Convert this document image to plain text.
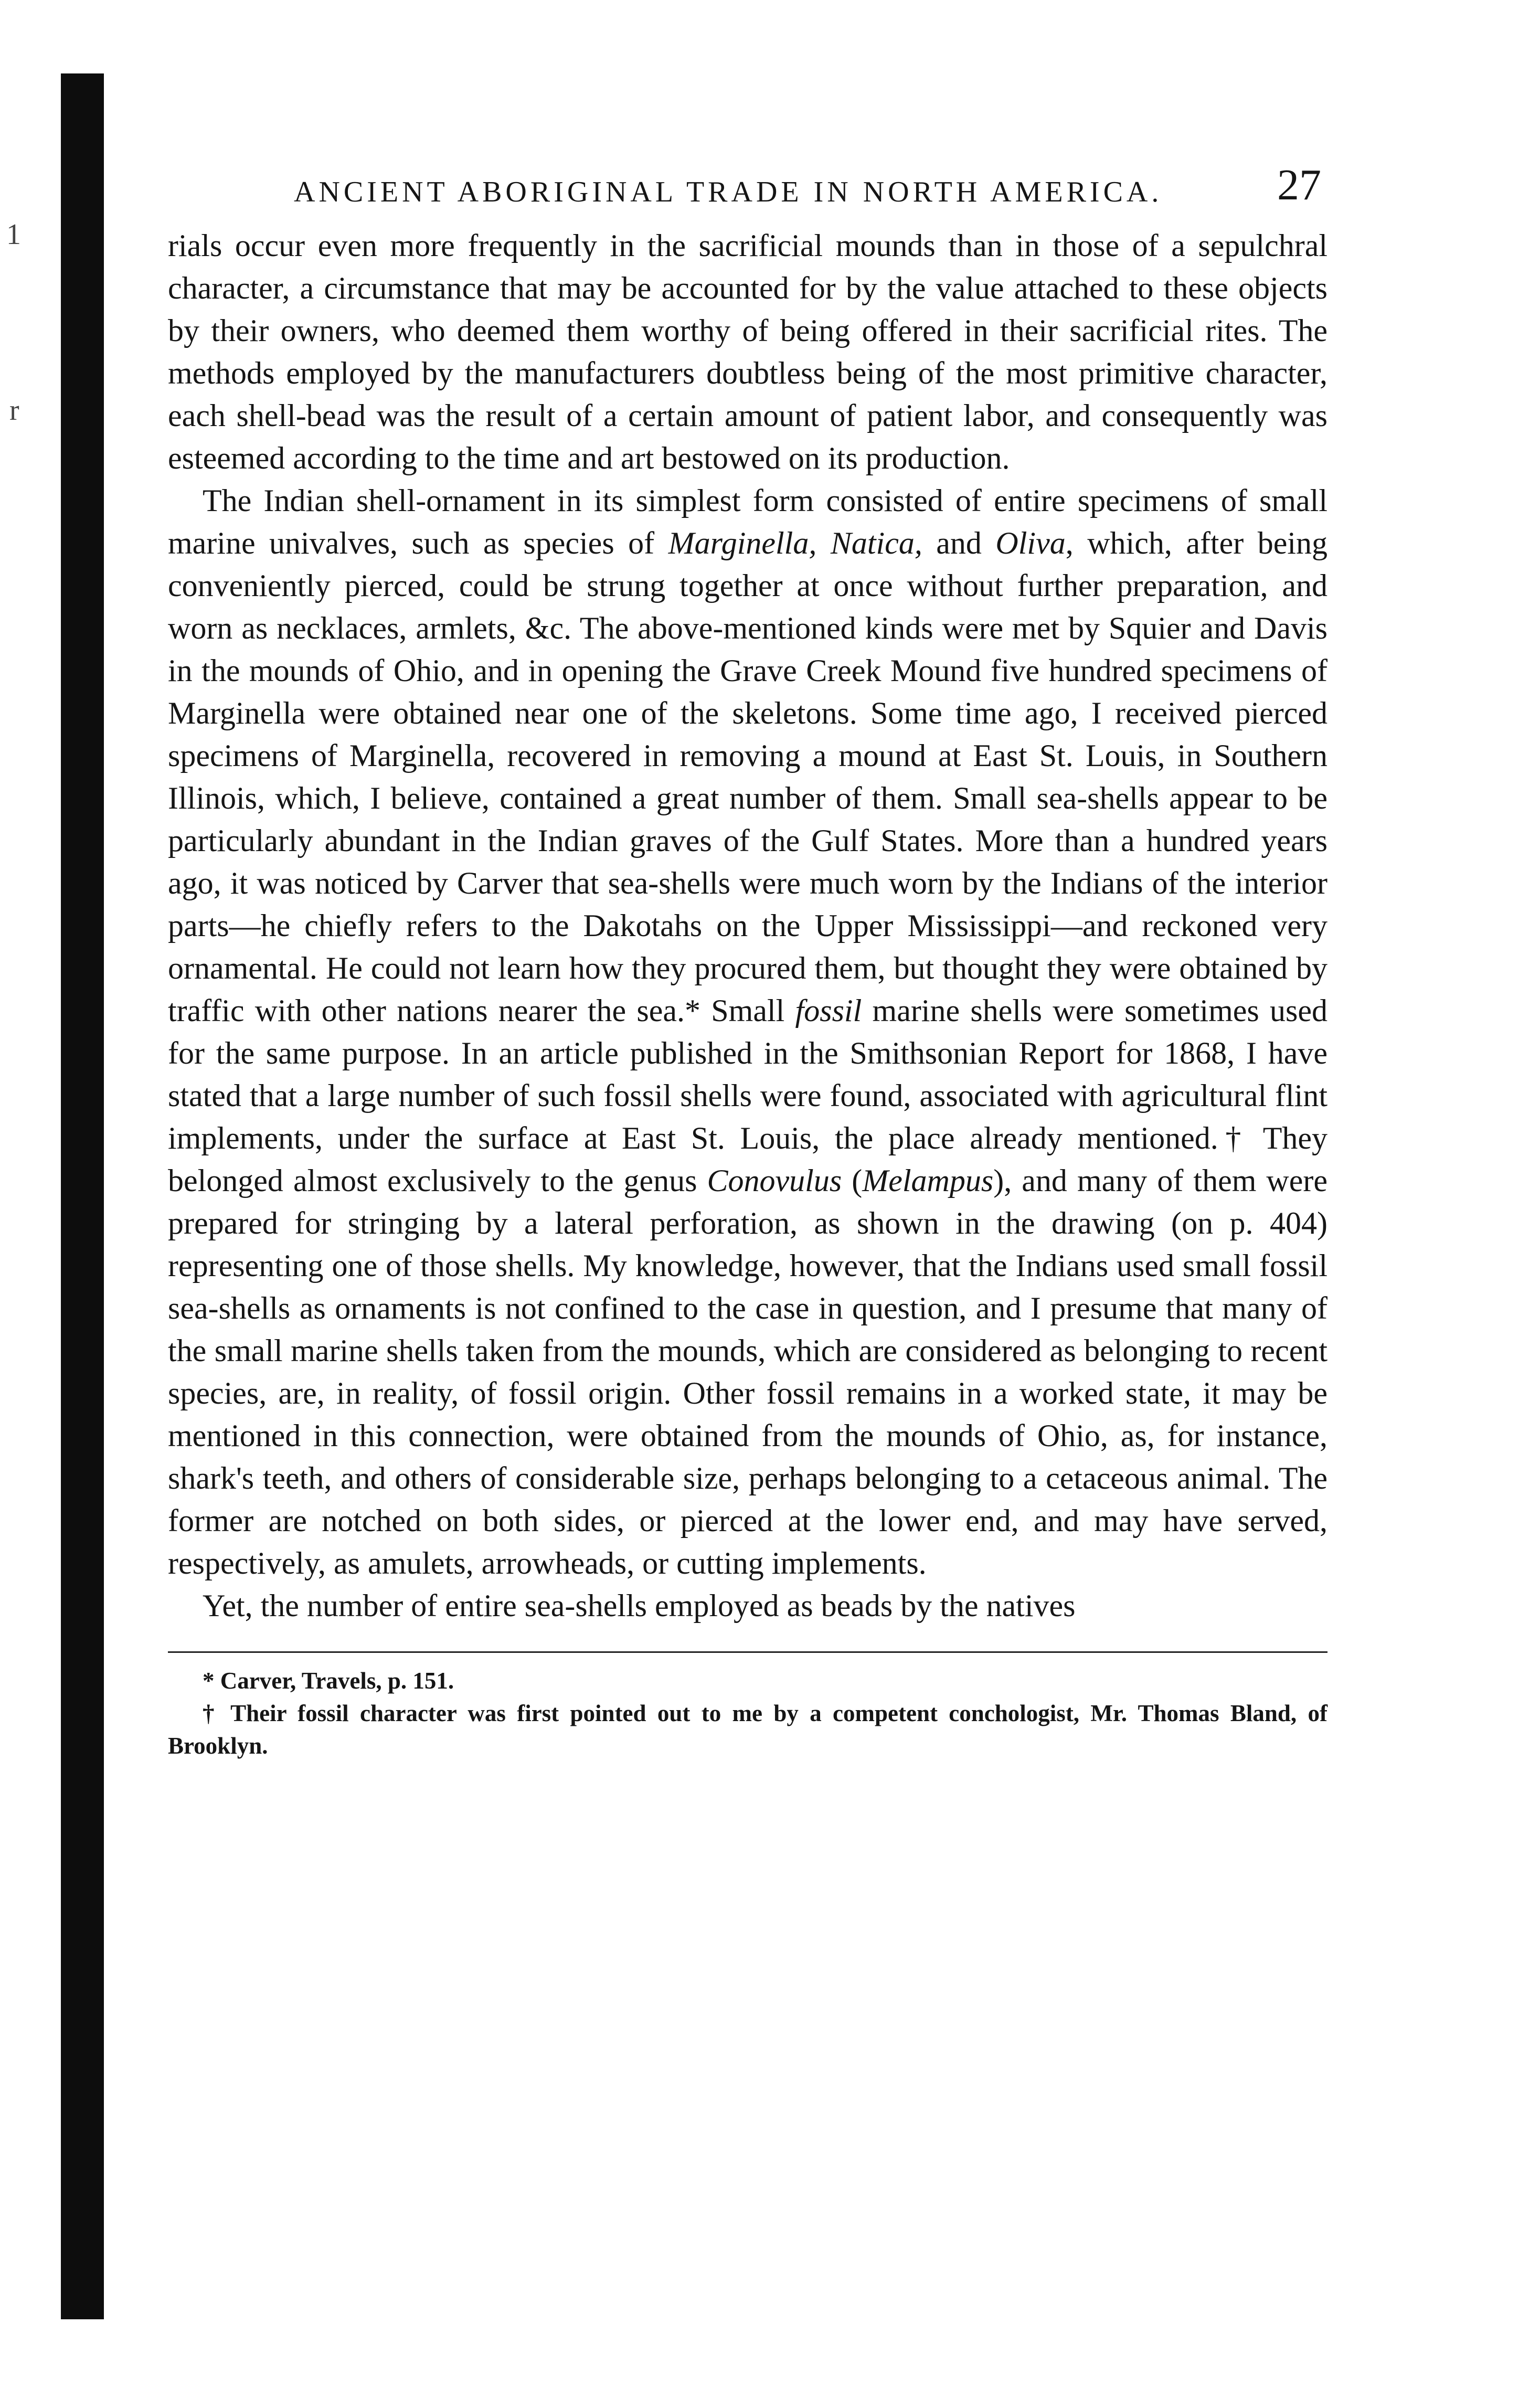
1
r
ANCIENT ABORIGINAL TRADE IN NORTH AMERICA.	27

rials occur even more frequently in the sacrificial mounds than in those of a sepulchral character, a circumstance that may be accounted for by the value attached to these objects by their owners, who deemed them worthy of being offered in their sacrificial rites. The methods employed by the manufacturers doubtless being of the most primitive character, each shell-bead was the result of a certain amount of patient labor, and consequently was esteemed according to the time and art bestowed on its production.

The Indian shell-ornament in its simplest form consisted of entire specimens of small marine univalves, such as species of Marginella, Natica, and Oliva, which, after being conveniently pierced, could be strung together at once without further preparation, and worn as necklaces, armlets, &c. The above-mentioned kinds were met by Squier and Davis in the mounds of Ohio, and in opening the Grave Creek Mound five hundred specimens of Marginella were obtained near one of the skeletons. Some time ago, I received pierced specimens of Marginella, recovered in removing a mound at East St. Louis, in Southern Illinois, which, I believe, contained a great number of them. Small sea-shells appear to be particularly abundant in the Indian graves of the Gulf States. More than a hundred years ago, it was noticed by Carver that sea-shells were much worn by the Indians of the interior parts—he chiefly refers to the Dakotahs on the Upper Mississippi—and reckoned very ornamental. He could not learn how they procured them, but thought they were obtained by traffic with other nations nearer the sea.* Small fossil marine shells were sometimes used for the same purpose. In an article published in the Smithsonian Report for 1868, I have stated that a large number of such fossil shells were found, associated with agricultural flint implements, under the surface at East St. Louis, the place already mentioned.† They belonged almost exclusively to the genus Conovulus (Melampus), and many of them were prepared for stringing by a lateral perforation, as shown in the drawing (on p. 404) representing one of those shells. My knowledge, however, that the Indians used small fossil sea-shells as ornaments is not confined to the case in question, and I presume that many of the small marine shells taken from the mounds, which are considered as belonging to recent species, are, in reality, of fossil origin. Other fossil remains in a worked state, it may be mentioned in this connection, were obtained from the mounds of Ohio, as, for instance, shark's teeth, and others of considerable size, perhaps belonging to a cetaceous animal. The former are notched on both sides, or pierced at the lower end, and may have served, respectively, as amulets, arrowheads, or cutting implements.

Yet, the number of entire sea-shells employed as beads by the natives

* Carver, Travels, p. 151.

† Their fossil character was first pointed out to me by a competent conchologist, Mr. Thomas Bland, of Brooklyn.
